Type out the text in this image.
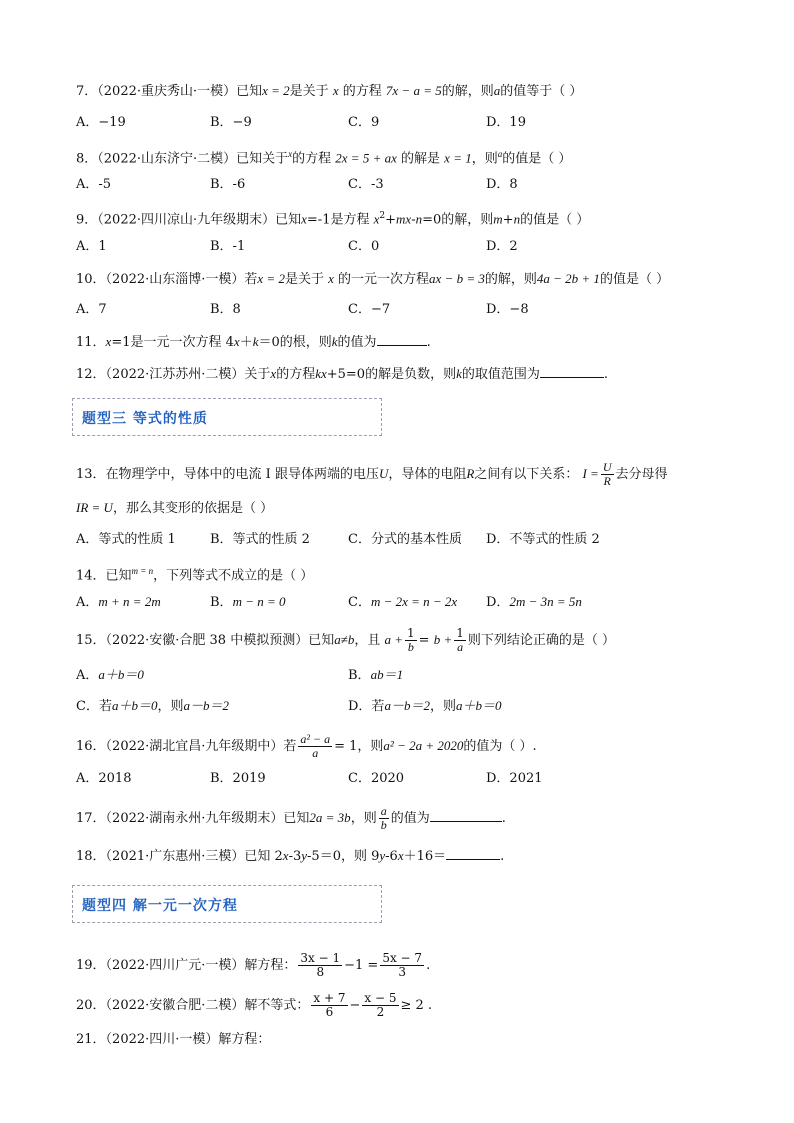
7．（2022·重庆秀山·一模）已知x = 2是关于 x 的方程 7x − a = 5的解，则a的值等于（ ）
A．−19	B．−9	C．9	D．19
8．（2022·山东济宁·二模）已知关于$^x$的方程 2x = 5 + ax 的解是 x = 1，则$^a$的值是（ ）
A．-5	B．-6	C．-3	D．8
9．（2022·四川凉山·九年级期末）已知x=-1是方程 $x^2+mx-n=0$的解，则m+n的值是（ ）
A．1	B．-1	C．0	D．2
10．（2022·山东淄博·一模）若x = 2是关于 x 的一元一次方程ax − b = 3的解，则4a − 2b + 1的值是（ ）
A．7	B．8	C．−7	D．−8
11．x=1是一元一次方程 4x＋k＝0的根，则k的值为	.
12．（2022·江苏苏州·二模）关于x的方程kx+5=0的解是负数，则k的取值范围为	.
题型三 等式的性质
13．在物理学中，导体中的电流 I 跟导体两端的电压U，导体的电阻R之间有以下关系： $I = \frac{U}{R}$ 去分母得
IR = U，那么其变形的依据是（ ）
A．等式的性质 1	B．等式的性质 2	C．分式的基本性质 D．不等式的性质 2
14．已知$^{m = n}$，下列等式不成立的是（ ）
A．m + n = 2m	B．m − n = 0	C．m − 2x = n − 2x D．2m − 3n = 5n
15．（2022·安徽·合肥 38 中模拟预测）已知a≠b，且 $a + \frac{1}{b} = b + \frac{1}{a}$ 则下列结论正确的是（ ）
A．a＋b＝0	B．ab＝1
C．若a＋b＝0，则a－b＝2	D．若a－b＝2，则a＋b＝0
16．（2022·湖北宜昌·九年级期中）若 $\frac{\text{a² − a}}{a} = 1$，则a² − 2a + 2020的值为（ ）.
A．2018	B．2019	C．2020	D．2021
17．（2022·湖南永州·九年级期末）已知2a = 3b，则 $\frac{a}{b}$ 的值为	.
18．（2021·广东惠州·三模）已知 2x-3y-5＝0，则 9y-6x＋16＝	.
题型四 解一元一次方程
19．（2022·四川广元·一模）解方程： $\frac{3x - 1}{8} -1 = \frac{5x - 7}{3}$ .
20．（2022·安徽合肥·二模）解不等式： $\frac{x + 7}{6} - \frac{x - 5}{2} \ge 2$ .
21．（2022·四川·一模）解方程：
